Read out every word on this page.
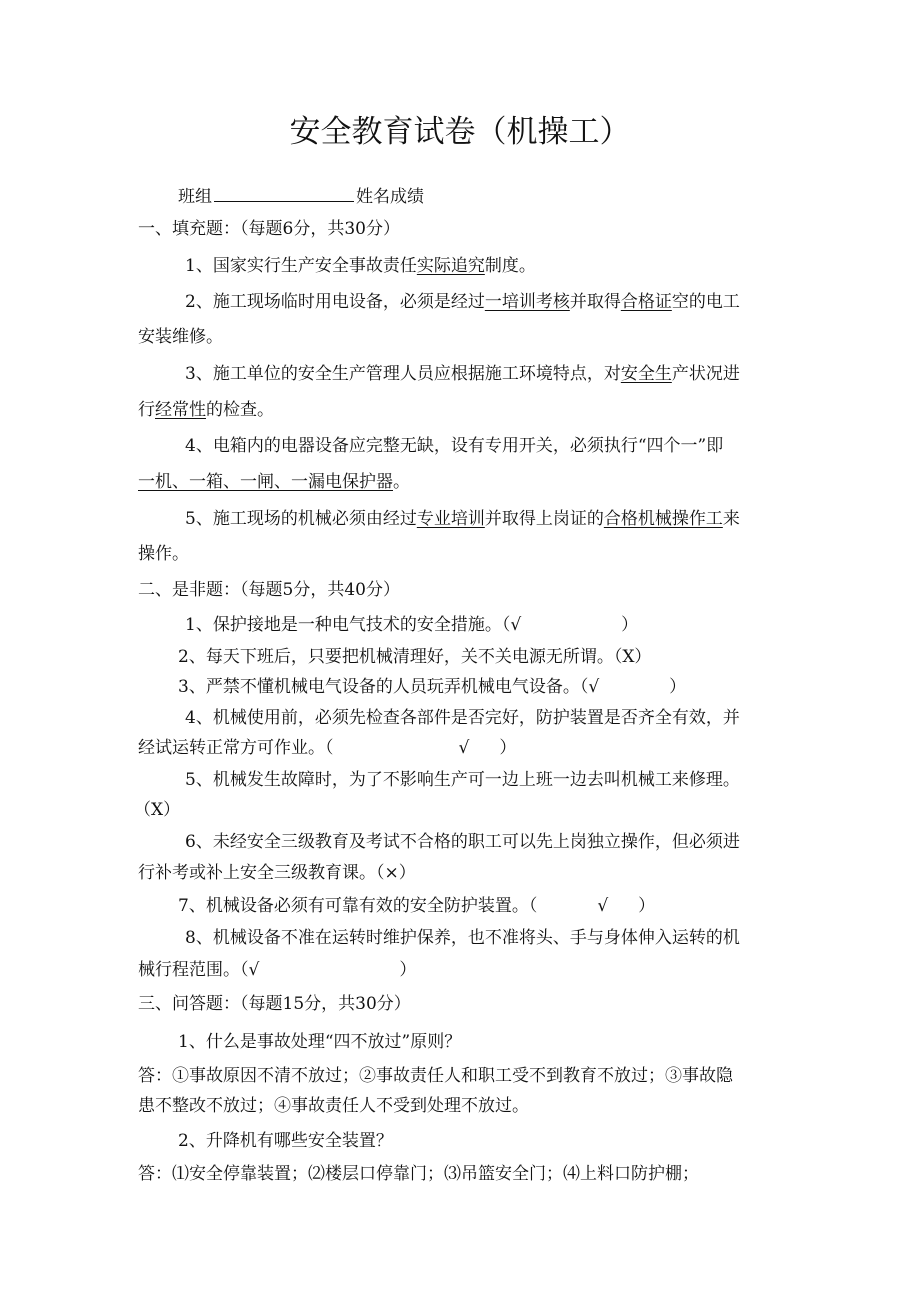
安全教育试卷（机操工）
班组	姓名成绩
一、填充题：（每题6分，共30分）
1、国家实行生产安全事故责任实际追究制度。
2、施工现场临时用电设备，必须是经过一培训考核并取得合格证空的电工
安装维修。
3、施工单位的安全生产管理人员应根据施工环境特点，对安全生产状况进
行经常性的检查。
4、电箱内的电器设备应完整无缺，设有专用开关，必须执行“四个一”即
一机、一箱、一闸、一漏电保护器。
5、施工现场的机械必须由经过专业培训并取得上岗证的合格机械操作工来
操作。
二、是非题：（每题5分，共40分）
1、保护接地是一种电气技术的安全措施。（√	）
2、每天下班后，只要把机械清理好，关不关电源无所谓。（X）
3、严禁不懂机械电气设备的人员玩弄机械电气设备。（√	）
4、机械使用前，必须先检查各部件是否完好，防护装置是否齐全有效，并
经试运转正常方可作业。（	√ ）
5、机械发生故障时，为了不影响生产可一边上班一边去叫机械工来修理。
（X）
6、未经安全三级教育及考试不合格的职工可以先上岗独立操作，但必须进
行补考或补上安全三级教育课。（×）
7、机械设备必须有可靠有效的安全防护装置。（	√ ）
8、机械设备不准在运转时维护保养，也不准将头、手与身体伸入运转的机
械行程范围。（√	）
三、问答题：（每题15分，共30分）
1、什么是事故处理“四不放过”原则？
答：①事故原因不清不放过；②事故责任人和职工受不到教育不放过；③事故隐
患不整改不放过；④事故责任人不受到处理不放过。
2、升降机有哪些安全装置？
答：⑴安全停靠装置；⑵楼层口停靠门；⑶吊篮安全门；⑷上料口防护棚；
